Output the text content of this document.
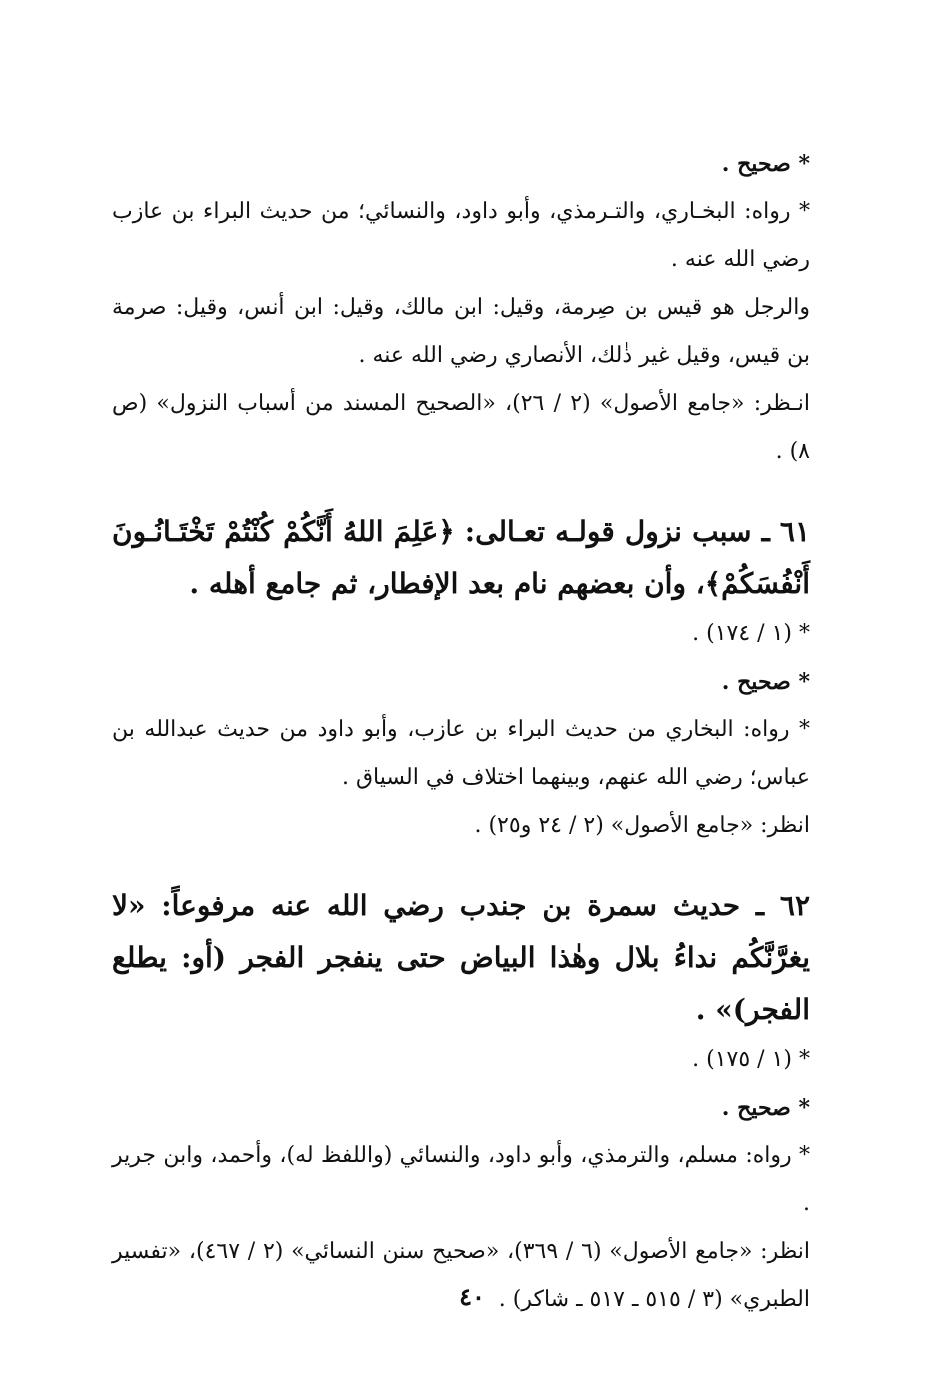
* صحيح .

* رواه: البخـاري، والتـرمذي، وأبو داود، والنسائي؛ من حديث البراء بن عازب رضي الله عنه .

والرجل هو قيس بن صِرمة، وقيل: ابن مالك، وقيل: ابن أنس، وقيل: صرمة بن قيس، وقيل غير ذٰلك، الأنصاري رضي الله عنه .

انـظر: «جامع الأصول» (٢ / ٢٦)، «الصحيح المسند من أسباب النزول» (ص ٨) .

٦١ ـ سبب نزول قولـه تعـالى: ﴿عَلِمَ اللهُ أَنَّكُمْ كُنْتُمْ تَخْتَـانُـونَ أَنْفُسَكُمْ﴾، وأن بعضهم نام بعد الإفطار، ثم جامع أهله .

* (١ / ١٧٤) .

* صحيح .

* رواه: البخاري من حديث البراء بن عازب، وأبو داود من حديث عبدالله بن عباس؛ رضي الله عنهم، وبينهما اختلاف في السياق .

انظر: «جامع الأصول» (٢ / ٢٤ و٢٥) .

٦٢ ـ حديث سمرة بن جندب رضي الله عنه مرفوعاً: «لا يغرَّنَّكُم نداءُ بلال وهٰذا البياض حتى ينفجر الفجر (أو: يطلع الفجر)» .

* (١ / ١٧٥) .

* صحيح .

* رواه: مسلم، والترمذي، وأبو داود، والنسائي (واللفظ له)، وأحمد، وابن جرير .

انظر: «جامع الأصول» (٦ / ٣٦٩)، «صحيح سنن النسائي» (٢ / ٤٦٧)، «تفسير الطبري» (٣ / ٥١٥ ـ ٥١٧ ـ شاكر) .

٤٠
